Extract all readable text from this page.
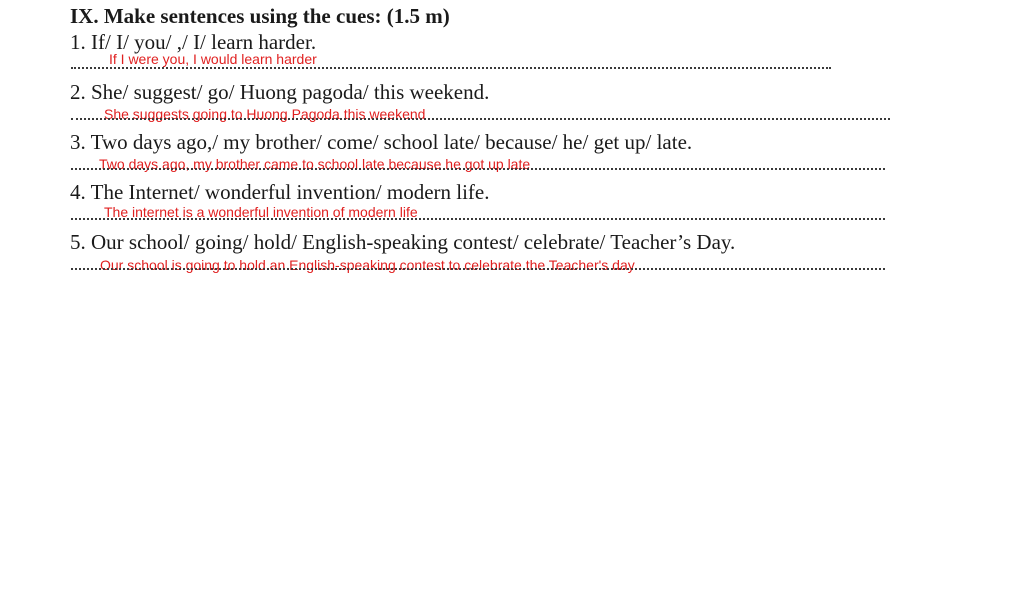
IX. Make sentences using the cues: (1.5 m)
1. If/ I/ you/ ,/ I/ learn harder.
If I were you, I would learn harder
2. She/ suggest/ go/ Huong pagoda/ this weekend.
She suggests going to Huong Pagoda this weekend
3. Two days ago,/ my brother/ come/ school late/ because/ he/ get up/ late.
Two days ago, my brother came to school late because he got up late
4. The Internet/ wonderful invention/ modern life.
The internet is a wonderful invention of modern life
5. Our school/ going/ hold/ English-speaking contest/ celebrate/ Teacher’s Day.
Our school is going to hold an English-speaking contest to celebrate the Teacher's day
